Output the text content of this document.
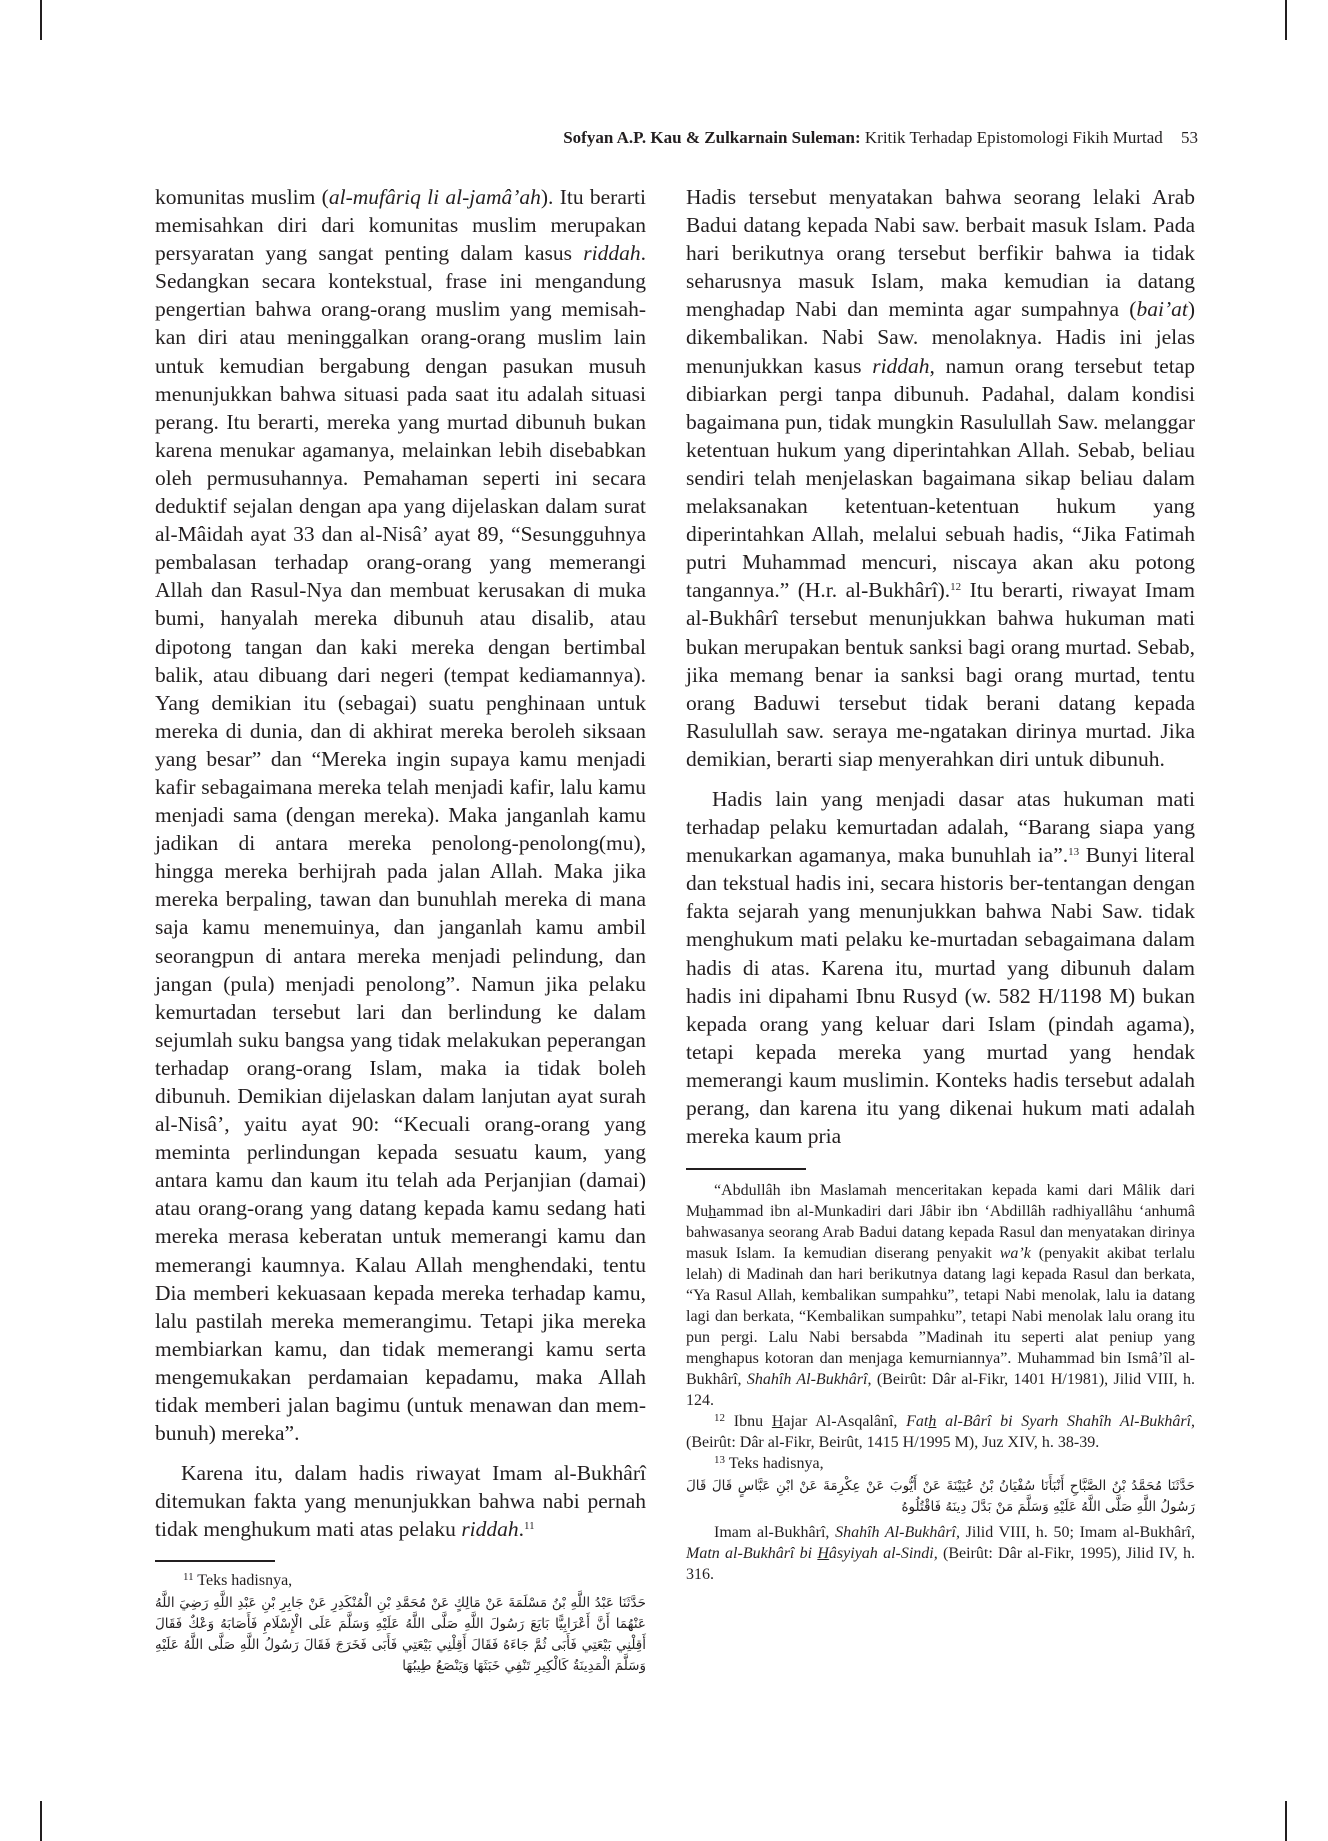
Sofyan A.P. Kau & Zulkarnain Suleman: Kritik Terhadap Epistomologi Fikih Murtad 53

komunitas muslim (al-mufâriq li al-jamâ’ah). Itu berarti memisahkan diri dari komunitas muslim merupakan persyaratan yang sangat penting dalam kasus riddah. Sedangkan secara kontekstual, frase ini mengandung pengertian bahwa orang-orang muslim yang memisah-kan diri atau meninggalkan orang-orang muslim lain untuk kemudian bergabung dengan pasukan musuh menunjukkan bahwa situasi pada saat itu adalah situasi perang. Itu berarti, mereka yang murtad dibunuh bukan karena menukar agamanya, melainkan lebih disebabkan oleh permusuhannya. Pemahaman seperti ini secara deduktif sejalan dengan apa yang dijelaskan dalam surat al-Mâidah ayat 33 dan al-Nisâ’ ayat 89, “Sesungguhnya pembalasan terhadap orang-orang yang memerangi Allah dan Rasul-Nya dan membuat kerusakan di muka bumi, hanyalah mereka dibunuh atau disalib, atau dipotong tangan dan kaki mereka dengan bertimbal balik, atau dibuang dari negeri (tempat kediamannya). Yang demikian itu (sebagai) suatu penghinaan untuk mereka di dunia, dan di akhirat mereka beroleh siksaan yang besar” dan “Mereka ingin supaya kamu menjadi kafir sebagaimana mereka telah menjadi kafir, lalu kamu menjadi sama (dengan mereka). Maka janganlah kamu jadikan di antara mereka penolong-penolong(mu), hingga mereka berhijrah pada jalan Allah. Maka jika mereka berpaling, tawan dan bunuhlah mereka di mana saja kamu menemuinya, dan janganlah kamu ambil seorangpun di antara mereka menjadi pelindung, dan jangan (pula) menjadi penolong”. Namun jika pelaku kemurtadan tersebut lari dan berlindung ke dalam sejumlah suku bangsa yang tidak melakukan peperangan terhadap orang-orang Islam, maka ia tidak boleh dibunuh. Demikian dijelaskan dalam lanjutan ayat surah al-Nisâ’, yaitu ayat 90: “Kecuali orang-orang yang meminta perlindungan kepada sesuatu kaum, yang antara kamu dan kaum itu telah ada Perjanjian (damai) atau orang-orang yang datang kepada kamu sedang hati mereka merasa keberatan untuk memerangi kamu dan memerangi kaumnya. Kalau Allah menghendaki, tentu Dia memberi kekuasaan kepada mereka terhadap kamu, lalu pastilah mereka memerangimu. Tetapi jika mereka membiarkan kamu, dan tidak memerangi kamu serta mengemukakan perdamaian kepadamu, maka Allah tidak memberi jalan bagimu (untuk menawan dan mem-bunuh) mereka”.

Karena itu, dalam hadis riwayat Imam al-Bukhârî ditemukan fakta yang menunjukkan bahwa nabi pernah tidak menghukum mati atas pelaku riddah.$^{11}$

$^{11}$ Teks hadisnya,

حَدَّثَنَا عَبْدُ اللَّهِ بْنُ مَسْلَمَةَ عَنْ مَالِكٍ عَنْ مُحَمَّدِ بْنِ الْمُنْكَدِرِ عَنْ جَابِرِ بْنِ عَبْدِ اللَّهِ رَضِيَ اللَّهُ عَنْهُمَا أَنَّ أَعْرَابِيًّا بَايَعَ رَسُولَ اللَّهِ صَلَّى اللَّهُ عَلَيْهِ وَسَلَّمَ عَلَى الْإِسْلَامِ فَأَصَابَهُ وَعْكٌ فَقَالَ أَقِلْنِي بَيْعَتِي فَأَبَى ثُمَّ جَاءَهُ فَقَالَ أَقِلْنِي بَيْعَتِي فَأَبَى فَخَرَجَ فَقَالَ رَسُولُ اللَّهِ صَلَّى اللَّهُ عَلَيْهِ وَسَلَّمَ الْمَدِينَةُ كَالْكِيرِ تَنْفِي خَبَثَهَا وَيَنْصَعُ طِيبُهَا

Hadis tersebut menyatakan bahwa seorang lelaki Arab Badui datang kepada Nabi saw. berbait masuk Islam. Pada hari berikutnya orang tersebut berfikir bahwa ia tidak seharusnya masuk Islam, maka kemudian ia datang menghadap Nabi dan meminta agar sumpahnya (bai’at) dikembalikan. Nabi Saw. menolaknya. Hadis ini jelas menunjukkan kasus riddah, namun orang tersebut tetap dibiarkan pergi tanpa dibunuh. Padahal, dalam kondisi bagaimana pun, tidak mungkin Rasulullah Saw. melanggar ketentuan hukum yang diperintahkan Allah. Sebab, beliau sendiri telah menjelaskan bagaimana sikap beliau dalam melaksanakan ketentuan-ketentuan hukum yang diperintahkan Allah, melalui sebuah hadis, “Jika Fatimah putri Muhammad mencuri, niscaya akan aku potong tangannya.” (H.r. al-Bukhârî).$^{12}$ Itu berarti, riwayat Imam al-Bukhârî tersebut menunjukkan bahwa hukuman mati bukan merupakan bentuk sanksi bagi orang murtad. Sebab, jika memang benar ia sanksi bagi orang murtad, tentu orang Baduwi tersebut tidak berani datang kepada Rasulullah saw. seraya me-ngatakan dirinya murtad. Jika demikian, berarti siap menyerahkan diri untuk dibunuh.

Hadis lain yang menjadi dasar atas hukuman mati terhadap pelaku kemurtadan adalah, “Barang siapa yang menukarkan agamanya, maka bunuhlah ia”.$^{13}$ Bunyi literal dan tekstual hadis ini, secara historis ber-tentangan dengan fakta sejarah yang menunjukkan bahwa Nabi Saw. tidak menghukum mati pelaku ke-murtadan sebagaimana dalam hadis di atas. Karena itu, murtad yang dibunuh dalam hadis ini dipahami Ibnu Rusyd (w. 582 H/1198 M) bukan kepada orang yang keluar dari Islam (pindah agama), tetapi kepada mereka yang murtad yang hendak memerangi kaum muslimin. Konteks hadis tersebut adalah perang, dan karena itu yang dikenai hukum mati adalah mereka kaum pria

“Abdullâh ibn Maslamah menceritakan kepada kami dari Mâlik dari Muhammad ibn al-Munkadiri dari Jâbir ibn ‘Abdillâh radhiyallâhu ‘anhumâ bahwasanya seorang Arab Badui datang kepada Rasul dan menyatakan dirinya masuk Islam. Ia kemudian diserang penyakit wa’k (penyakit akibat terlalu lelah) di Madinah dan hari berikutnya datang lagi kepada Rasul dan berkata, “Ya Rasul Allah, kembalikan sumpahku”, tetapi Nabi menolak, lalu ia datang lagi dan berkata, “Kembalikan sumpahku”, tetapi Nabi menolak lalu orang itu pun pergi. Lalu Nabi bersabda ”Madinah itu seperti alat peniup yang menghapus kotoran dan menjaga kemurniannya”. Muhammad bin Ismâ’îl al-Bukhârî, Shahîh Al-Bukhârî, (Beirût: Dâr al-Fikr, 1401 H/1981), Jilid VIII, h. 124.

$^{12}$ Ibnu Hajar Al-Asqalânî, Fath al-Bârî bi Syarh Shahîh Al-Bukhârî, (Beirût: Dâr al-Fikr, Beirût, 1415 H/1995 M), Juz XIV, h. 38-39.

$^{13}$ Teks hadisnya,

حَدَّثَنَا مُحَمَّدُ بْنُ الصَّبَّاحِ أَنْبَأَنَا سُفْيَانُ بْنُ عُيَيْنَةَ عَنْ أَيُّوبَ عَنْ عِكْرِمَةَ عَنْ ابْنِ عَبَّاسٍ قَالَ قَالَ رَسُولُ اللَّهِ صَلَّى اللَّهُ عَلَيْهِ وَسَلَّمَ مَنْ بَدَّلَ دِينَهُ فَاقْتُلُوهُ

Imam al-Bukhârî, Shahîh Al-Bukhârî, Jilid VIII, h. 50; Imam al-Bukhârî, Matn al-Bukhârî bi Hâsyiyah al-Sindi, (Beirût: Dâr al-Fikr, 1995), Jilid IV, h. 316.
